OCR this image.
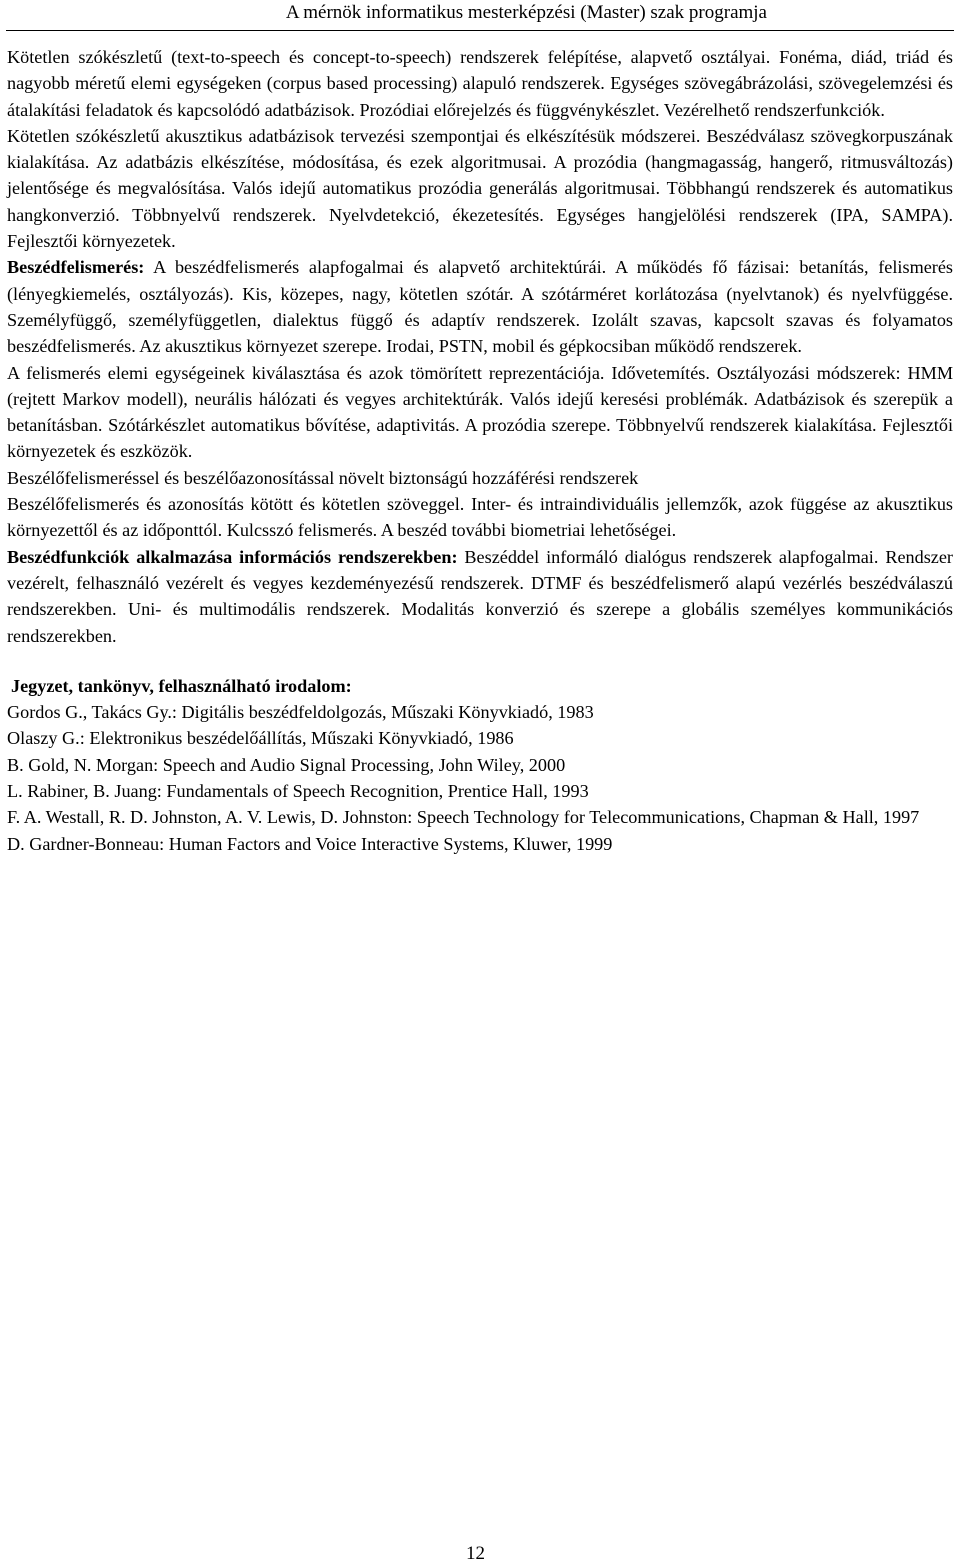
A mérnök informatikus mesterképzési (Master) szak programja

Kötetlen szókészletű (text-to-speech és concept-to-speech) rendszerek felépítése, alapvető osztályai. Fonéma, diád, triád és nagyobb méretű elemi egységeken (corpus based processing) alapuló rendszerek. Egységes szövegábrázolási, szövegelemzési és átalakítási feladatok és kapcsolódó adatbázisok. Prozódiai előrejelzés és függvénykészlet. Vezérelhető rendszerfunkciók.

Kötetlen szókészletű akusztikus adatbázisok tervezési szempontjai és elkészítésük módszerei. Beszédválasz szövegkorpuszának kialakítása. Az adatbázis elkészítése, módosítása, és ezek algoritmusai. A prozódia (hangmagasság, hangerő, ritmusváltozás) jelentősége és megvalósítása. Valós idejű automatikus prozódia generálás algoritmusai. Többhangú rendszerek és automatikus hangkonverzió. Többnyelvű rendszerek. Nyelvdetekció, ékezetesítés. Egységes hangjelölési rendszerek (IPA, SAMPA). Fejlesztői környezetek.

Beszédfelismerés: A beszédfelismerés alapfogalmai és alapvető architektúrái. A működés fő fázisai: betanítás, felismerés (lényegkiemelés, osztályozás). Kis, közepes, nagy, kötetlen szótár. A szótárméret korlátozása (nyelvtanok) és nyelvfüggése. Személyfüggő, személyfüggetlen, dialektus függő és adaptív rendszerek. Izolált szavas, kapcsolt szavas és folyamatos beszédfelismerés. Az akusztikus környezet szerepe. Irodai, PSTN, mobil és gépkocsiban működő rendszerek.

A felismerés elemi egységeinek kiválasztása és azok tömörített reprezentációja. Idővetemítés. Osztályozási módszerek: HMM (rejtett Markov modell), neurális hálózati és vegyes architektúrák. Valós idejű keresési problémák. Adatbázisok és szerepük a betanításban. Szótárkészlet automatikus bővítése, adaptivitás. A prozódia szerepe. Többnyelvű rendszerek kialakítása. Fejlesztői környezetek és eszközök.

Beszélőfelismeréssel és beszélőazonosítással növelt biztonságú hozzáférési rendszerek

Beszélőfelismerés és azonosítás kötött és kötetlen szöveggel. Inter- és intraindividuális jellemzők, azok függése az akusztikus környezettől és az időponttól. Kulcsszó felismerés. A beszéd további biometriai lehetőségei.

Beszédfunkciók alkalmazása információs rendszerekben: Beszéddel informáló dialógus rendszerek alapfogalmai. Rendszer vezérelt, felhasználó vezérelt és vegyes kezdeményezésű rendszerek. DTMF és beszédfelismerő alapú vezérlés beszédválaszú rendszerekben. Uni- és multimodális rendszerek. Modalitás konverzió és szerepe a globális személyes kommunikációs rendszerekben.

Jegyzet, tankönyv, felhasználható irodalom:

Gordos G., Takács Gy.: Digitális beszédfeldolgozás, Műszaki Könyvkiadó, 1983

Olaszy G.: Elektronikus beszédelőállítás, Műszaki Könyvkiadó, 1986

B. Gold, N. Morgan: Speech and Audio Signal Processing, John Wiley, 2000

L. Rabiner, B. Juang: Fundamentals of Speech Recognition, Prentice Hall, 1993

F. A. Westall, R. D. Johnston, A. V. Lewis, D. Johnston: Speech Technology for Telecommunications, Chapman & Hall, 1997

D. Gardner-Bonneau: Human Factors and Voice Interactive Systems, Kluwer, 1999

12
